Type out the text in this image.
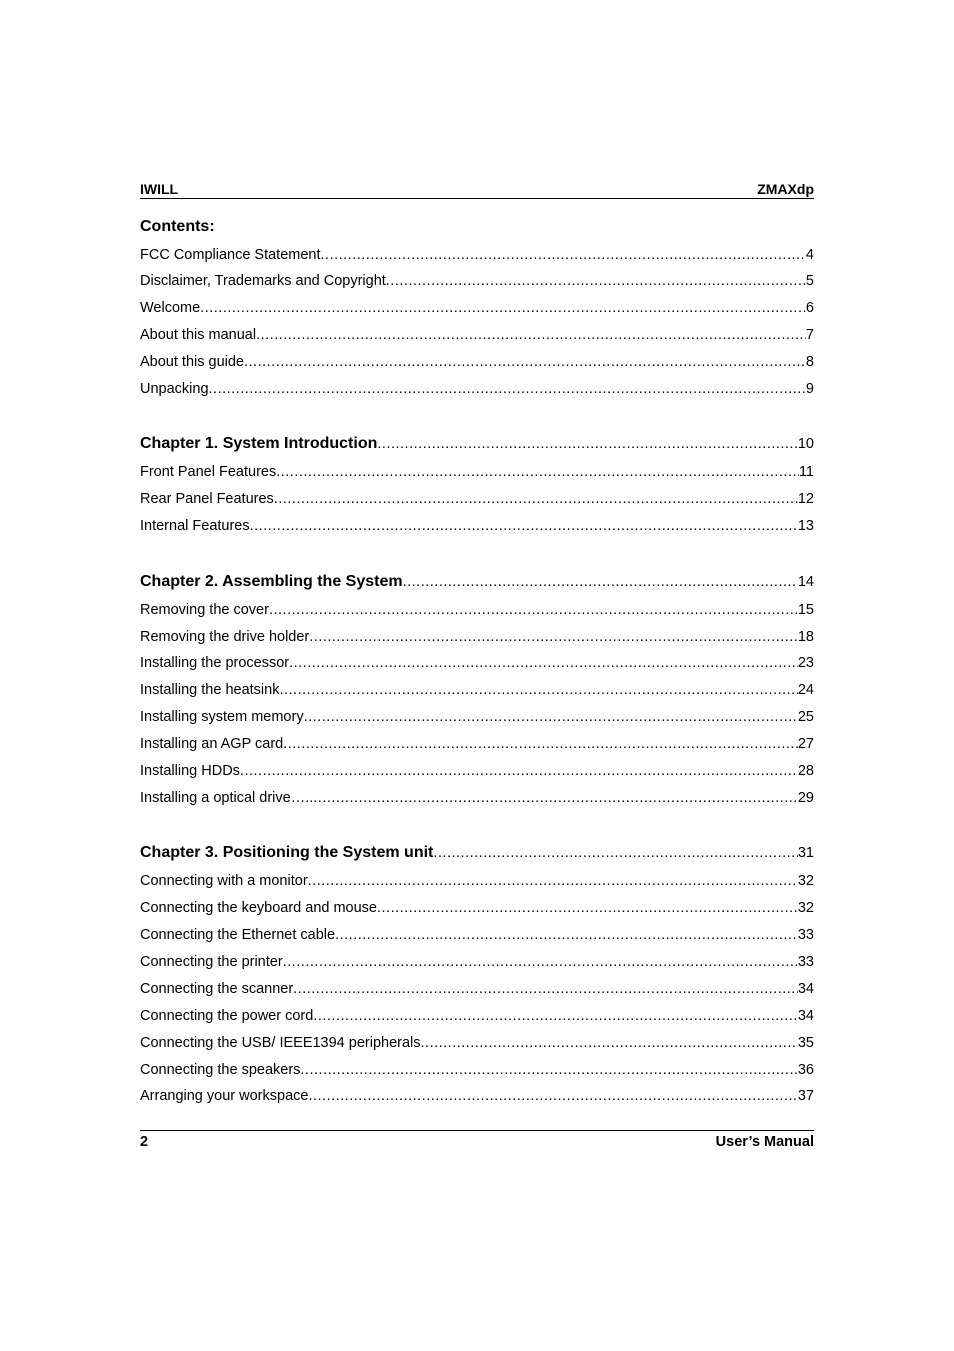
IWILL	ZMAXdp
Contents:
FCC Compliance Statement .....	4
Disclaimer, Trademarks and Copyright .....	5
Welcome .....	6
About this manual .....	7
About this guide .....	8
Unpacking .....	9
Chapter 1. System Introduction .....	10
Front Panel Features .....	11
Rear Panel Features .....	12
Internal Features .....	13
Chapter 2. Assembling the System .....	14
Removing the cover .....	15
Removing the drive holder .....	18
Installing the processor .....	23
Installing the heatsink .....	24
Installing system memory .....	25
Installing an AGP card .....	27
Installing HDDs .....	28
Installing a optical drive….. .....	29
Chapter 3. Positioning the System unit .....	31
Connecting with a monitor .....	32
Connecting the keyboard and mouse .....	32
Connecting the Ethernet cable .....	33
Connecting the printer .....	33
Connecting the scanner .....	34
Connecting the power cord .....	34
Connecting the USB/ IEEE1394 peripherals .....	35
Connecting the speakers .....	36
Arranging your workspace .....	37
2	User’s Manual
